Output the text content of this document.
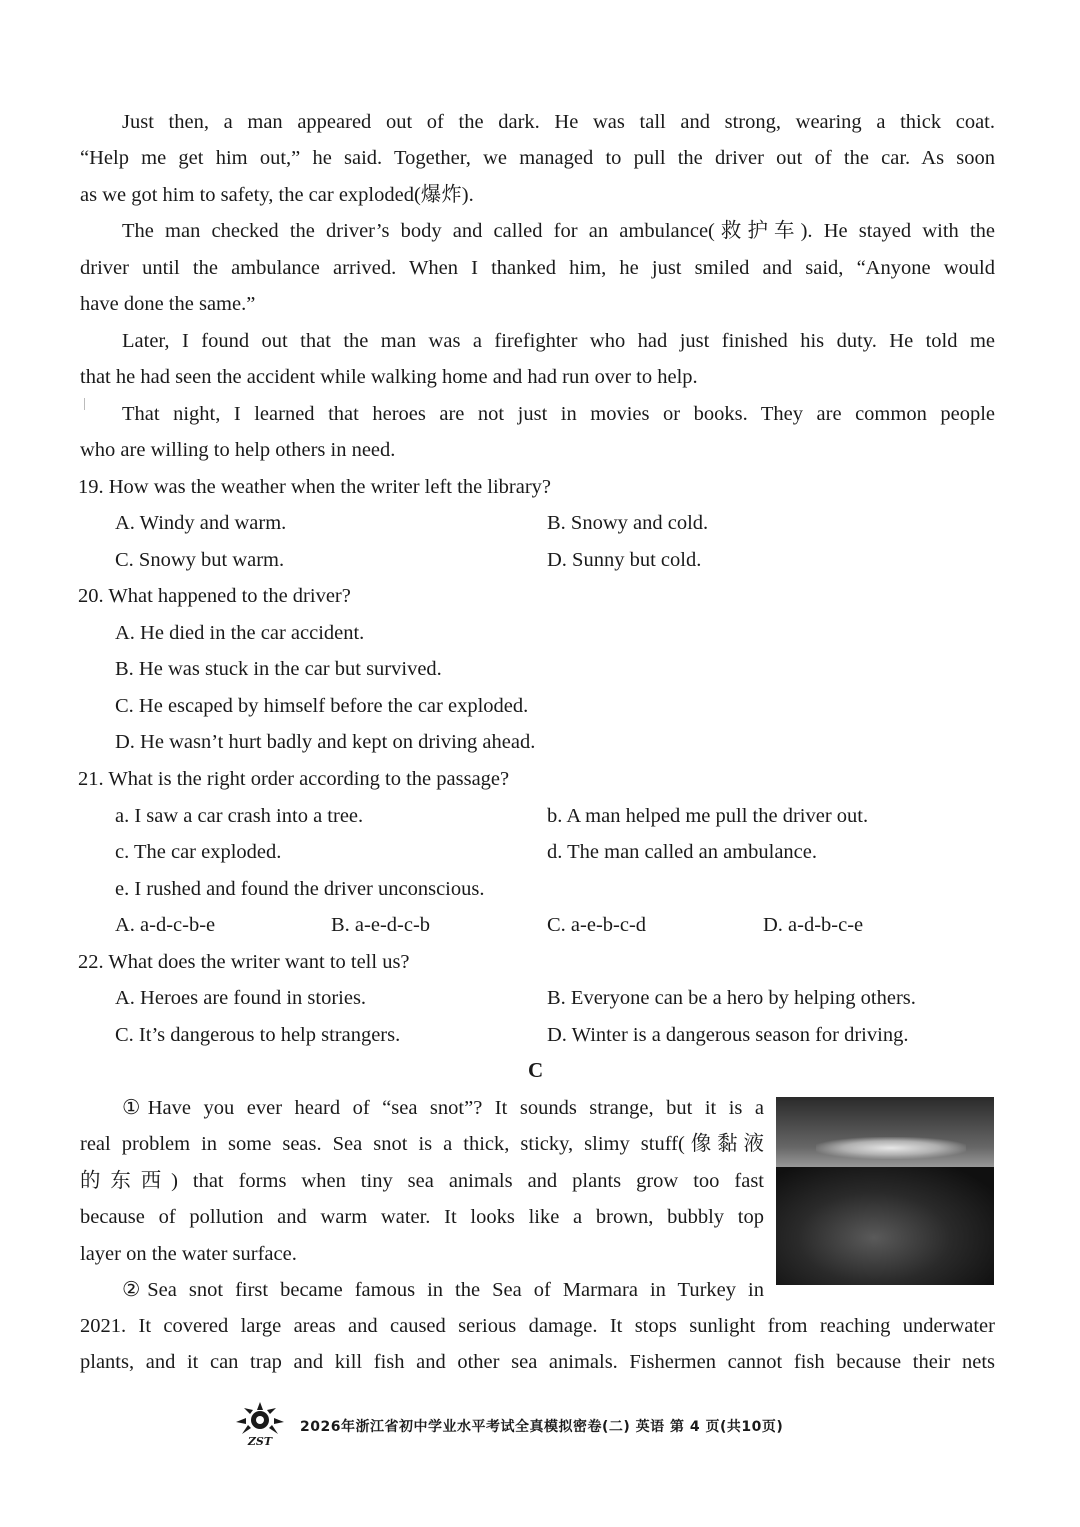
Just then, a man appeared out of the dark. He was tall and strong, wearing a thick coat.
“Help me get him out,” he said. Together, we managed to pull the driver out of the car. As soon
as we got him to safety, the car exploded(爆炸).
The man checked the driver’s body and called for an ambulance(救护车). He stayed with the
driver until the ambulance arrived. When I thanked him, he just smiled and said, “Anyone would
have done the same.”
Later, I found out that the man was a firefighter who had just finished his duty. He told me
that he had seen the accident while walking home and had run over to help.
That night, I learned that heroes are not just in movies or books. They are common people
who are willing to help others in need.
19. How was the weather when the writer left the library?
A. Windy and warm.	B. Snowy and cold.
C. Snowy but warm.	D. Sunny but cold.
20. What happened to the driver?
A. He died in the car accident.
B. He was stuck in the car but survived.
C. He escaped by himself before the car exploded.
D. He wasn’t hurt badly and kept on driving ahead.
21. What is the right order according to the passage?
a. I saw a car crash into a tree.	b. A man helped me pull the driver out.
c. The car exploded.	d. The man called an ambulance.
e. I rushed and found the driver unconscious.
A. a-d-c-b-e	B. a-e-d-c-b	C. a-e-b-c-d	D. a-d-b-c-e
22. What does the writer want to tell us?
A. Heroes are found in stories.	B. Everyone can be a hero by helping others.
C. It’s dangerous to help strangers.	D. Winter is a dangerous season for driving.
C
①Have you ever heard of “sea snot”? It sounds strange, but it is a
real problem in some seas. Sea snot is a thick, sticky, slimy stuff(像黏液
的东西) that forms when tiny sea animals and plants grow too fast
because of pollution and warm water. It looks like a brown, bubbly top
layer on the water surface.
②Sea snot first became famous in the Sea of Marmara in Turkey in
2021. It covered large areas and caused serious damage. It stops sunlight from reaching underwater
plants, and it can trap and kill fish and other sea animals. Fishermen cannot fish because their nets
ZST
2026年浙江省初中学业水平考试全真模拟密卷(二) 英语 第 4 页(共10页)
